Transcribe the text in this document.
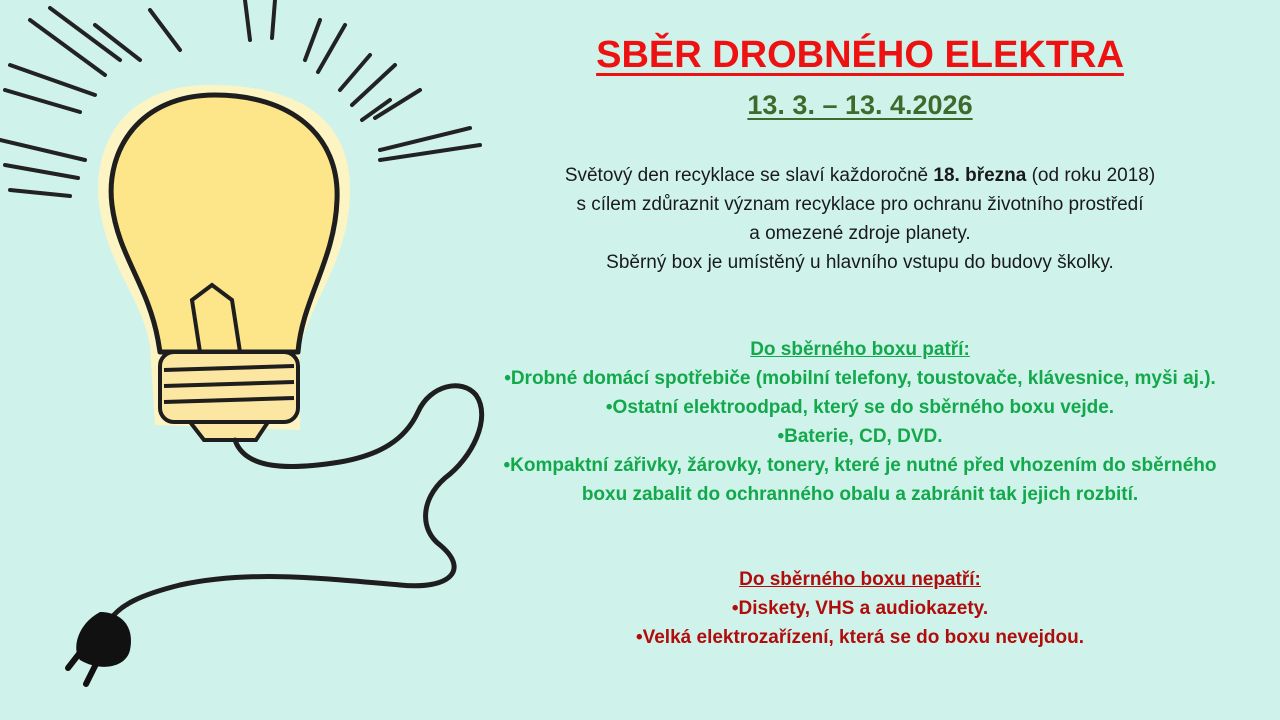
SBĚR DROBNÉHO ELEKTRA
13. 3. – 13. 4.2026
Světový den recyklace se slaví každoročně 18. března (od roku 2018)
s cílem zdůraznit význam recyklace pro ochranu životního prostředí
a omezené zdroje planety.
Sběrný box je umístěný u hlavního vstupu do budovy školky.
Do sběrného boxu patří:
•Drobné domácí spotřebiče (mobilní telefony, toustovače, klávesnice, myši aj.).
•Ostatní elektroodpad, který se do sběrného boxu vejde.
•Baterie, CD, DVD.
•Kompaktní zářivky, žárovky, tonery, které je nutné před vhozením do sběrného
boxu zabalit do ochranného obalu a zabránit tak jejich rozbití.
Do sběrného boxu nepatří:
•Diskety, VHS a audiokazety.
•Velká elektrozařízení, která se do boxu nevejdou.
